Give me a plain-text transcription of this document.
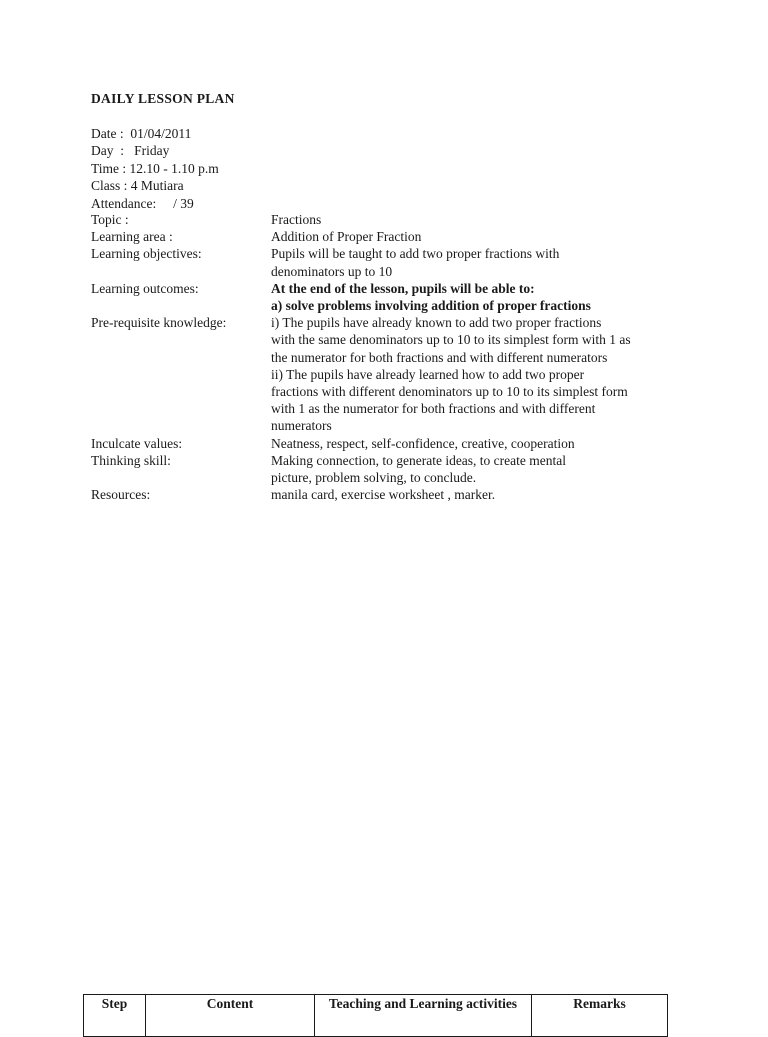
DAILY LESSON PLAN
Date :  01/04/2011
Day  :   Friday
Time : 12.10 - 1.10 p.m
Class : 4 Mutiara
Attendance:     / 39
Topic :	Fractions
Learning area :	Addition of Proper Fraction
Learning objectives:	Pupils will be taught to add two proper fractions with
denominators up to 10
Learning outcomes:	At the end of the lesson, pupils will be able to:
a) solve problems involving addition of proper fractions
Pre-requisite knowledge:	i) The pupils have already known to add two proper fractions
with the same denominators up to 10 to its simplest form with 1 as
the numerator for both fractions and with different numerators
ii) The pupils have already learned how to add two proper
fractions with different denominators up to 10 to its simplest form
with 1 as the numerator for both fractions and with different
numerators
Inculcate values:	Neatness, respect, self-confidence, creative, cooperation
Thinking skill:	Making connection, to generate ideas, to create mental
picture, problem solving, to conclude.
Resources:	manila card, exercise worksheet , marker.
Step	Content	Teaching and Learning activities	Remarks
